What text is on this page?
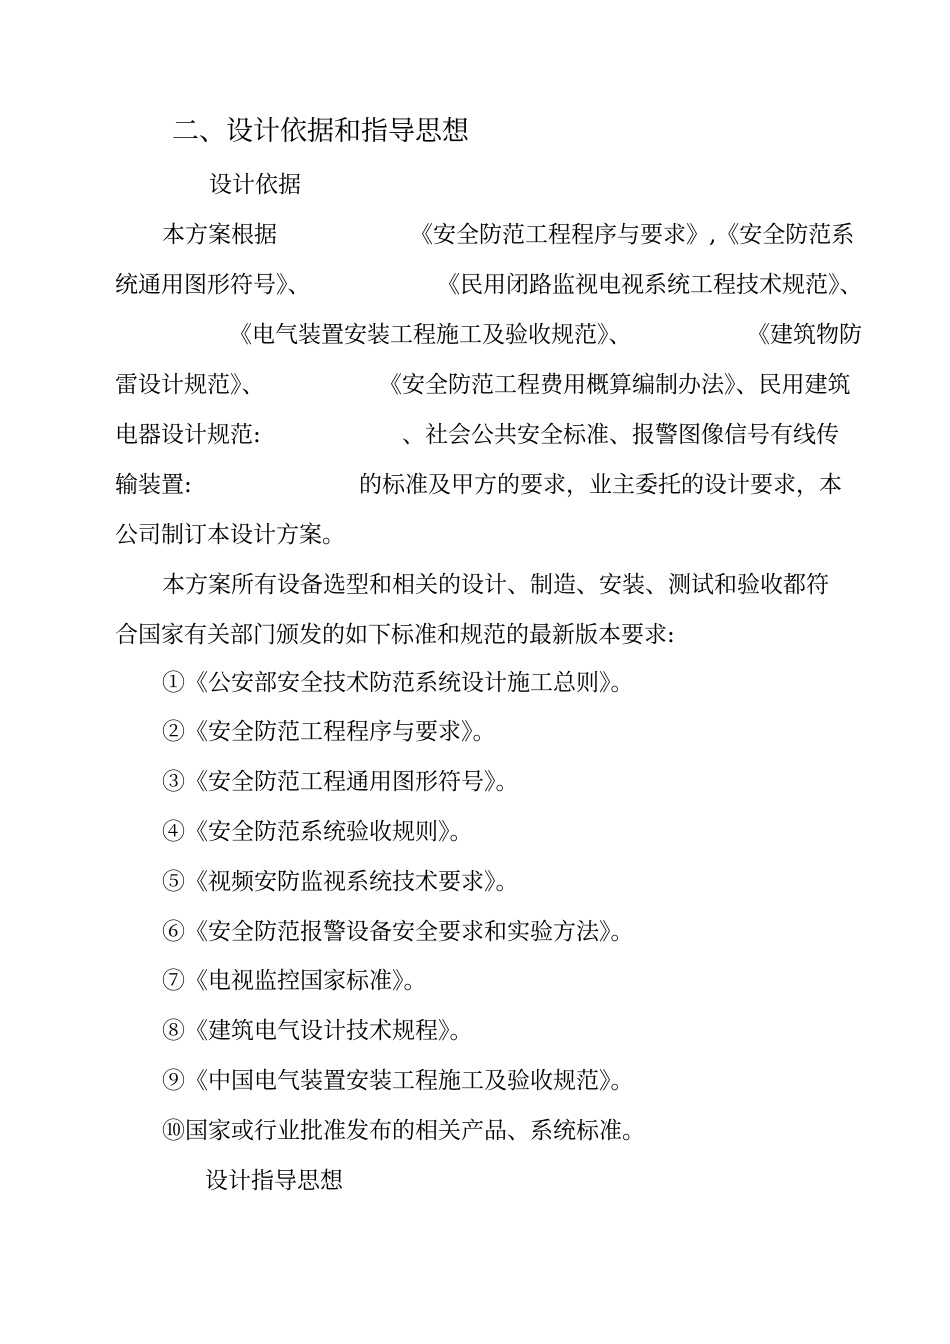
二、设计依据和指导思想
设计依据
本方案根据	《安全防范工程程序与要求》,《安全防范系
统通用图形符号》、	《民用闭路监视电视系统工程技术规范》、
《电气装置安装工程施工及验收规范》、	《建筑物防
雷设计规范》、	《安全防范工程费用概算编制办法》、民用建筑
电器设计规范:	、社会公共安全标准、报警图像信号有线传
输装置:	的标准及甲方的要求，业主委托的设计要求，本
公司制订本设计方案。
本方案所有设备选型和相关的设计、制造、安装、测试和验收都符
合国家有关部门颁发的如下标准和规范的最新版本要求:
①《公安部安全技术防范系统设计施工总则》。
②《安全防范工程程序与要求》。
③《安全防范工程通用图形符号》。
④《安全防范系统验收规则》。
⑤《视频安防监视系统技术要求》。
⑥《安全防范报警设备安全要求和实验方法》。
⑦《电视监控国家标准》。
⑧《建筑电气设计技术规程》。
⑨《中国电气装置安装工程施工及验收规范》。
⑩国家或行业批准发布的相关产品、系统标准。
设计指导思想
